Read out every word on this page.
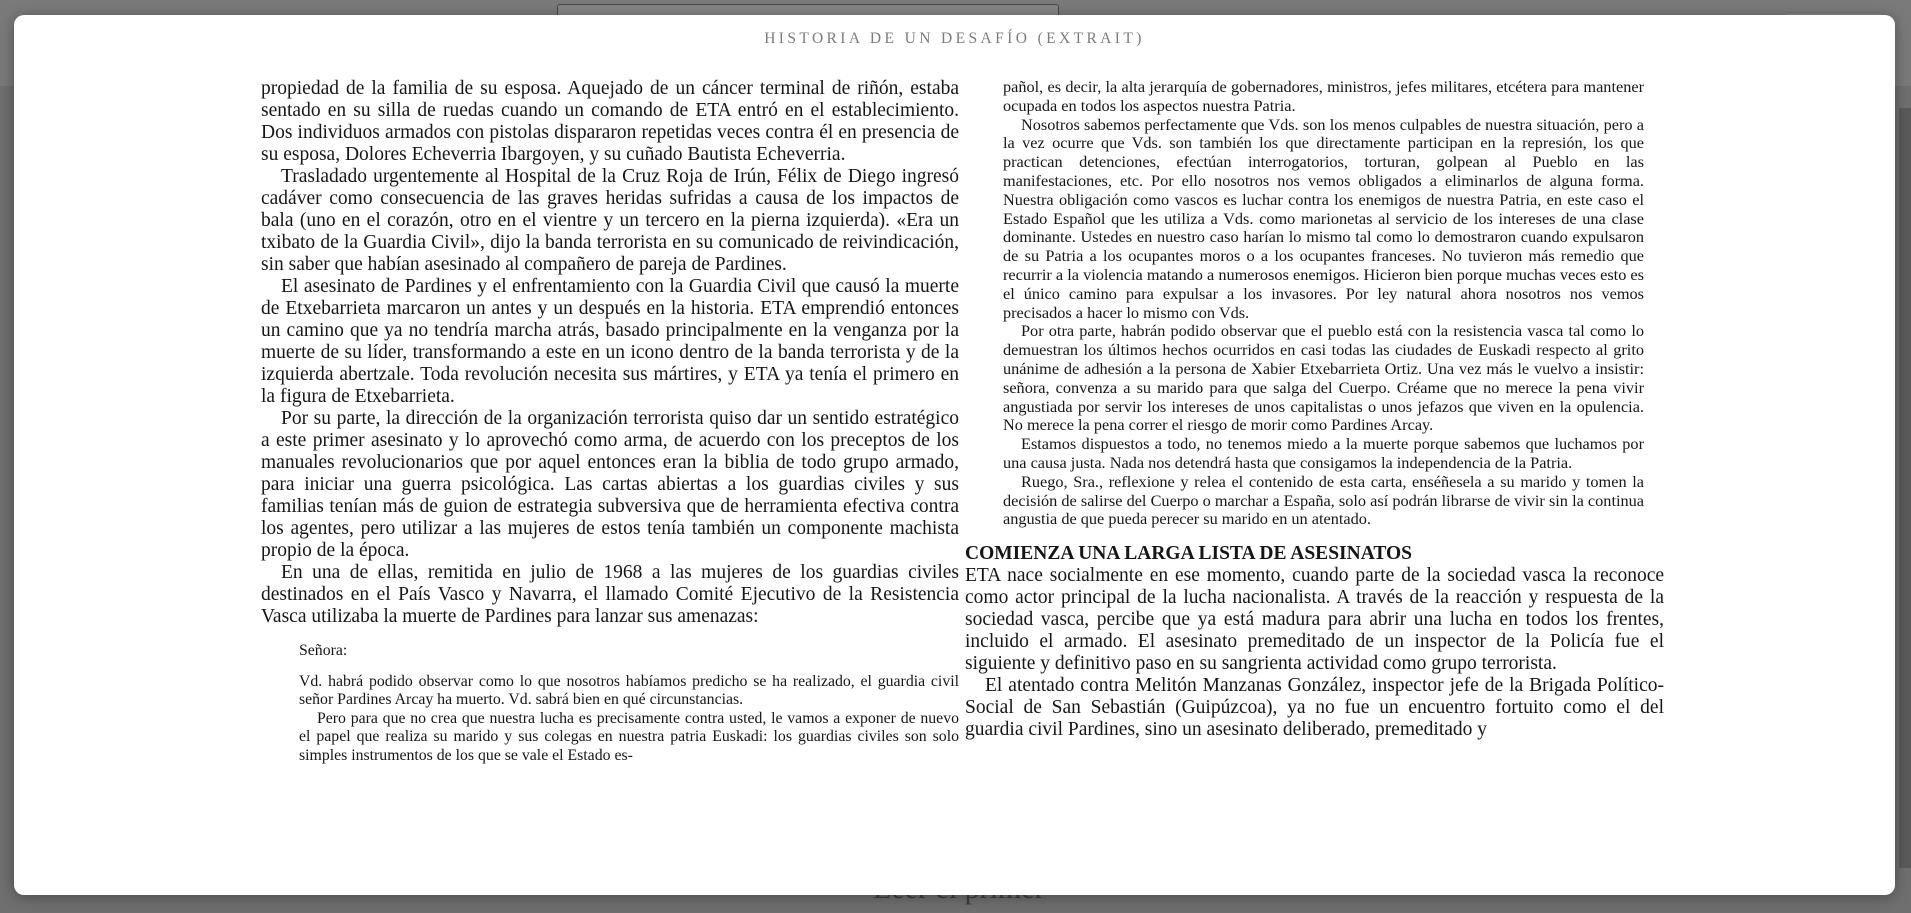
HISTORIA DE UN DESAFÍO (EXTRAIT)

propiedad de la familia de su esposa. Aquejado de un cáncer terminal de riñón, estaba sentado en su silla de ruedas cuando un comando de ETA entró en el establecimiento. Dos individuos armados con pistolas dispararon repetidas veces contra él en presencia de su esposa, Dolores Echeverria Ibargoyen, y su cuñado Bautista Echeverria.

Trasladado urgentemente al Hospital de la Cruz Roja de Irún, Félix de Diego ingresó cadáver como consecuencia de las graves heridas sufridas a causa de los impactos de bala (uno en el corazón, otro en el vientre y un tercero en la pierna izquierda). «Era un txibato de la Guardia Civil», dijo la banda terrorista en su comunicado de reivindicación, sin saber que habían asesinado al compañero de pareja de Pardines.

El asesinato de Pardines y el enfrentamiento con la Guardia Civil que causó la muerte de Etxebarrieta marcaron un antes y un después en la historia. ETA emprendió entonces un camino que ya no tendría marcha atrás, basado principalmente en la venganza por la muerte de su líder, transformando a este en un icono dentro de la banda terrorista y de la izquierda abertzale. Toda revolución necesita sus mártires, y ETA ya tenía el primero en la figura de Etxebarrieta.

Por su parte, la dirección de la organización terrorista quiso dar un sentido estratégico a este primer asesinato y lo aprovechó como arma, de acuerdo con los preceptos de los manuales revolucionarios que por aquel entonces eran la biblia de todo grupo armado, para iniciar una guerra psicológica. Las cartas abiertas a los guardias civiles y sus familias tenían más de guion de estrategia subversiva que de herramienta efectiva contra los agentes, pero utilizar a las mujeres de estos tenía también un componente machista propio de la época.

En una de ellas, remitida en julio de 1968 a las mujeres de los guardias civiles destinados en el País Vasco y Navarra, el llamado Comité Ejecutivo de la Resistencia Vasca utilizaba la muerte de Pardines para lanzar sus amenazas:

Señora:

Vd. habrá podido observar como lo que nosotros habíamos predicho se ha realizado, el guardia civil señor Pardines Arcay ha muerto. Vd. sabrá bien en qué circunstancias.

Pero para que no crea que nuestra lucha es precisamente contra usted, le vamos a exponer de nuevo el papel que realiza su marido y sus colegas en nuestra patria Euskadi: los guardias civiles son solo simples instrumentos de los que se vale el Estado es-

pañol, es decir, la alta jerarquía de gobernadores, ministros, jefes militares, etcétera para mantener ocupada en todos los aspectos nuestra Patria.

Nosotros sabemos perfectamente que Vds. son los menos culpables de nuestra situación, pero a la vez ocurre que Vds. son también los que directamente participan en la represión, los que practican detenciones, efectúan interrogatorios, torturan, golpean al Pueblo en las manifestaciones, etc. Por ello nosotros nos vemos obligados a eliminarlos de alguna forma. Nuestra obligación como vascos es luchar contra los enemigos de nuestra Patria, en este caso el Estado Español que les utiliza a Vds. como marionetas al servicio de los intereses de una clase dominante. Ustedes en nuestro caso harían lo mismo tal como lo demostraron cuando expulsaron de su Patria a los ocupantes moros o a los ocupantes franceses. No tuvieron más remedio que recurrir a la violencia matando a numerosos enemigos. Hicieron bien porque muchas veces esto es el único camino para expulsar a los invasores. Por ley natural ahora nosotros nos vemos precisados a hacer lo mismo con Vds.

Por otra parte, habrán podido observar que el pueblo está con la resistencia vasca tal como lo demuestran los últimos hechos ocurridos en casi todas las ciudades de Euskadi respecto al grito unánime de adhesión a la persona de Xabier Etxebarrieta Ortiz. Una vez más le vuelvo a insistir: señora, convenza a su marido para que salga del Cuerpo. Créame que no merece la pena vivir angustiada por servir los intereses de unos capitalistas o unos jefazos que viven en la opulencia. No merece la pena correr el riesgo de morir como Pardines Arcay.

Estamos dispuestos a todo, no tenemos miedo a la muerte porque sabemos que luchamos por una causa justa. Nada nos detendrá hasta que consigamos la independencia de la Patria.

Ruego, Sra., reflexione y relea el contenido de esta carta, enséñesela a su marido y tomen la decisión de salirse del Cuerpo o marchar a España, solo así podrán librarse de vivir sin la continua angustia de que pueda perecer su marido en un atentado.

COMIENZA UNA LARGA LISTA DE ASESINATOS

ETA nace socialmente en ese momento, cuando parte de la sociedad vasca la reconoce como actor principal de la lucha nacionalista. A través de la reacción y respuesta de la sociedad vasca, percibe que ya está madura para abrir una lucha en todos los frentes, incluido el armado. El asesinato premeditado de un inspector de la Policía fue el siguiente y definitivo paso en su sangrienta actividad como grupo terrorista.

El atentado contra Melitón Manzanas González, inspector jefe de la Brigada Político-Social de San Sebastián (Guipúzcoa), ya no fue un encuentro fortuito como el del guardia civil Pardines, sino un asesinato deliberado, premeditado y
